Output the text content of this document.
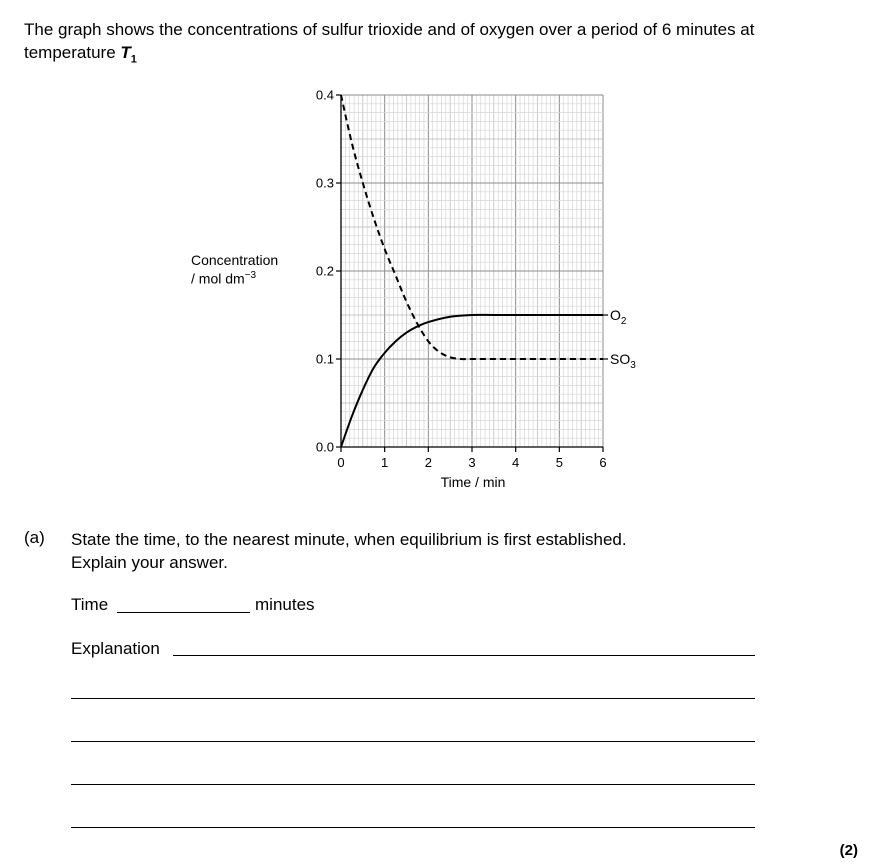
The graph shows the concentrations of sulfur trioxide and of oxygen over a period of 6 minutes at temperature $T_1$
Concentration
/ mol $dm^{-3}$
0.0
0.1
0.2
0.3
0.4
0	1	2	3	4	5	6
Time / min
$O_2$
$SO_3$
(a) State the time, to the nearest minute, when equilibrium is first established.
Explain your answer.
Time	minutes
Explanation
(2)
